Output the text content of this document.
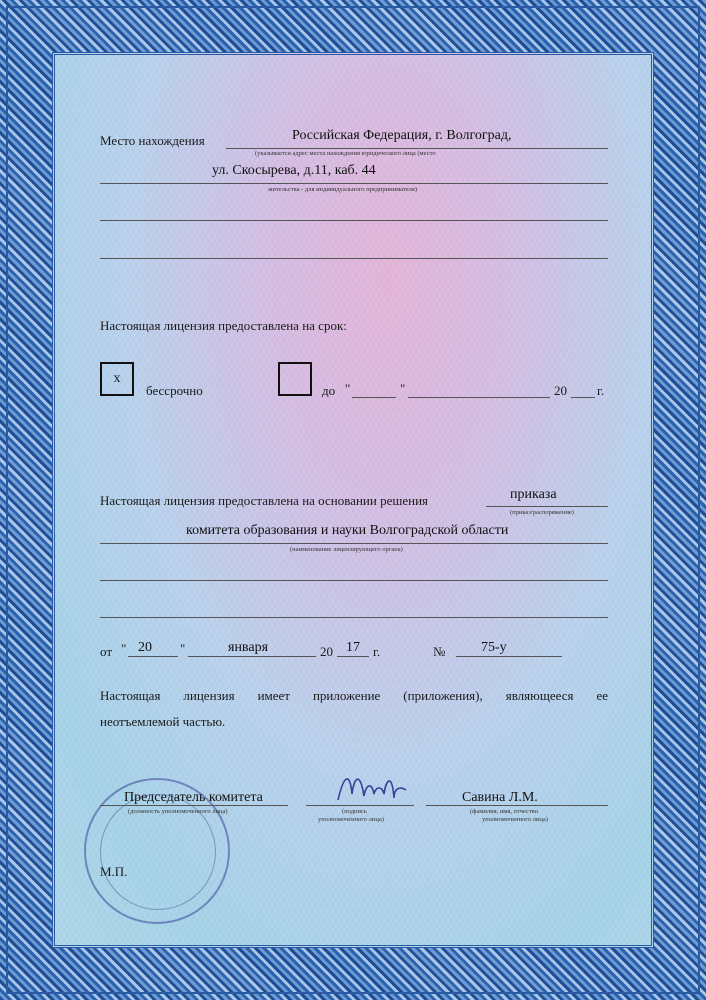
Место нахождения	Российская Федерация, г. Волгоград,
(указывается адрес места нахождения юридического лица (место
ул. Скосырева, д.11, каб. 44
жительства - для индивидуального предпринимателя)
Настоящая лицензия предоставлена на срок:
х
бессрочно	до "	"	20 г.
Настоящая лицензия предоставлена на основании решения	приказа
(приказ/распоряжение)
комитета образования и науки Волгоградской области
(наименование лицензирующего органа)
от " 20 "	января	20 17 г.	№	75-у
Настоящая лицензия имеет приложение (приложения), являющееся ее
неотъемлемой частью.
Председатель комитета
(должность уполномоченного лица)	(подпись
уполномоченного лица)
Савина Л.М.
(фамилия, имя, отчество
уполномоченного лица)
М.П.
